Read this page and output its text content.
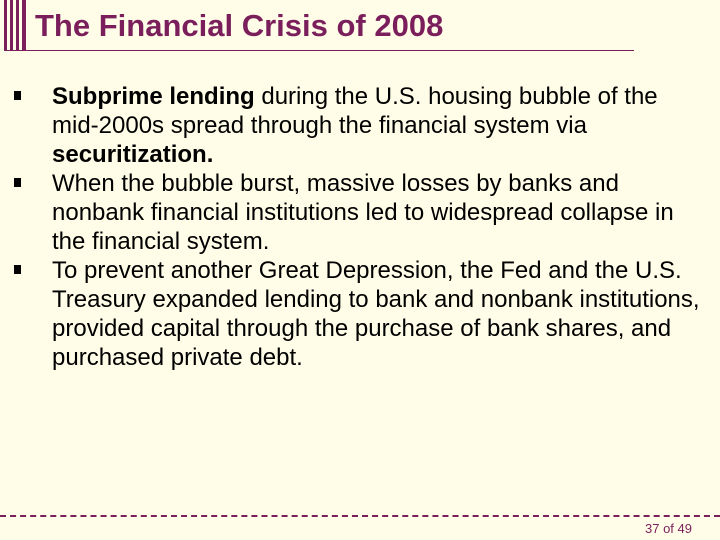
The Financial Crisis of 2008
Subprime lending during the U.S. housing bubble of the mid-2000s spread through the financial system via securitization.
When the bubble burst, massive losses by banks and nonbank financial institutions led to widespread collapse in the financial system.
To prevent another Great Depression, the Fed and the U.S. Treasury expanded lending to bank and nonbank institutions, provided capital through the purchase of bank shares, and purchased private debt.
37 of 49
